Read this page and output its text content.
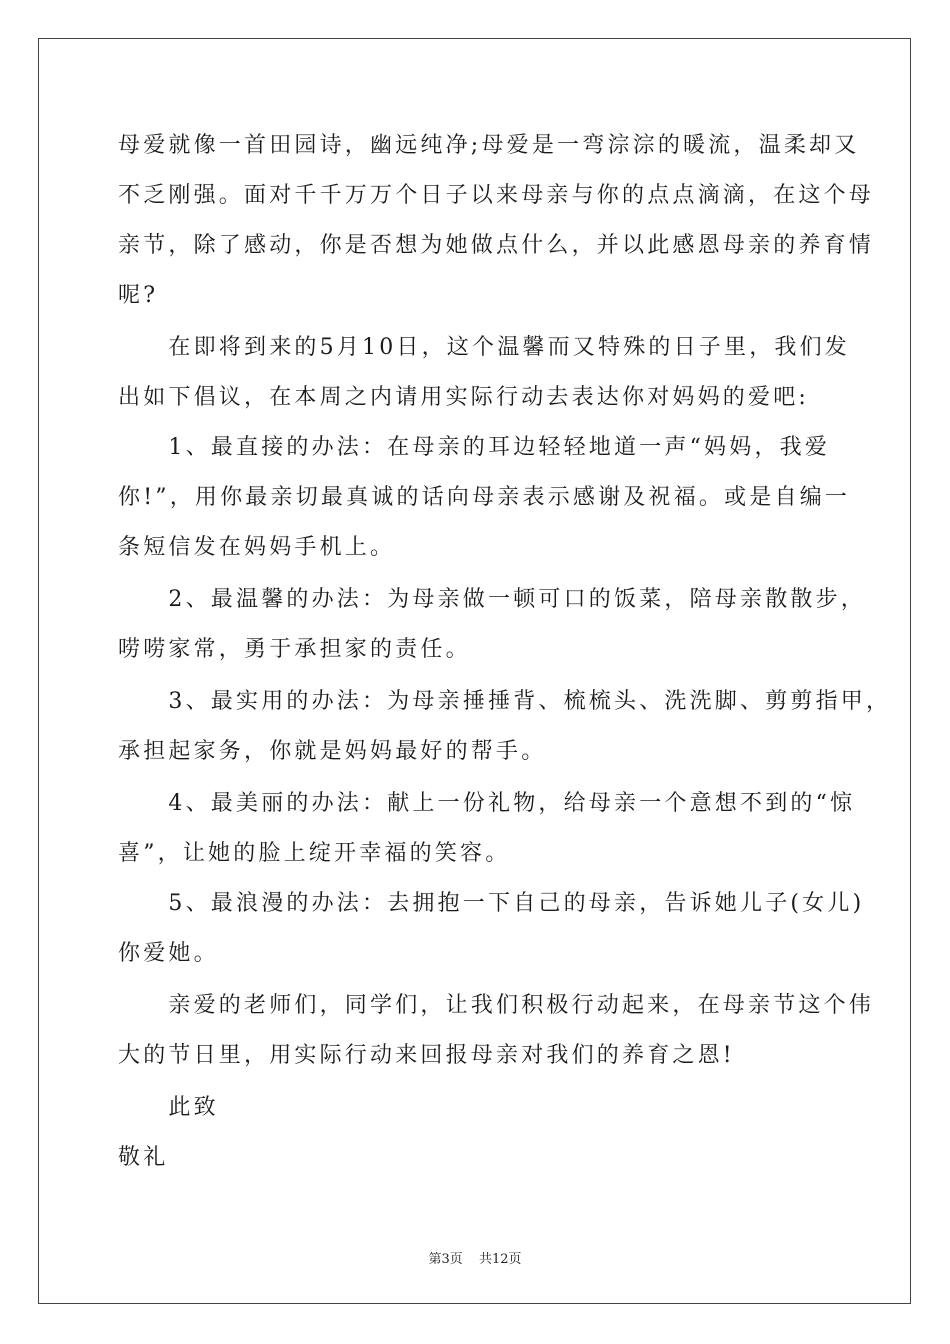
母爱就像一首田园诗，幽远纯净;母爱是一弯淙淙的暖流，温柔却又
不乏刚强。面对千千万万个日子以来母亲与你的点点滴滴，在这个母
亲节，除了感动，你是否想为她做点什么，并以此感恩母亲的养育情
呢?
　　在即将到来的5月10日，这个温馨而又特殊的日子里，我们发
出如下倡议，在本周之内请用实际行动去表达你对妈妈的爱吧:
　　1、最直接的办法：在母亲的耳边轻轻地道一声“妈妈，我爱
你!”，用你最亲切最真诚的话向母亲表示感谢及祝福。或是自编一
条短信发在妈妈手机上。
　　2、最温馨的办法：为母亲做一顿可口的饭菜，陪母亲散散步，
唠唠家常，勇于承担家的责任。
　　3、最实用的办法：为母亲捶捶背、梳梳头、洗洗脚、剪剪指甲，
承担起家务，你就是妈妈最好的帮手。
　　4、最美丽的办法：献上一份礼物，给母亲一个意想不到的“惊
喜”，让她的脸上绽开幸福的笑容。
　　5、最浪漫的办法：去拥抱一下自己的母亲，告诉她儿子(女儿)
你爱她。
　　亲爱的老师们，同学们，让我们积极行动起来，在母亲节这个伟
大的节日里，用实际行动来回报母亲对我们的养育之恩!
　　此致
敬礼
第3页 共12页
